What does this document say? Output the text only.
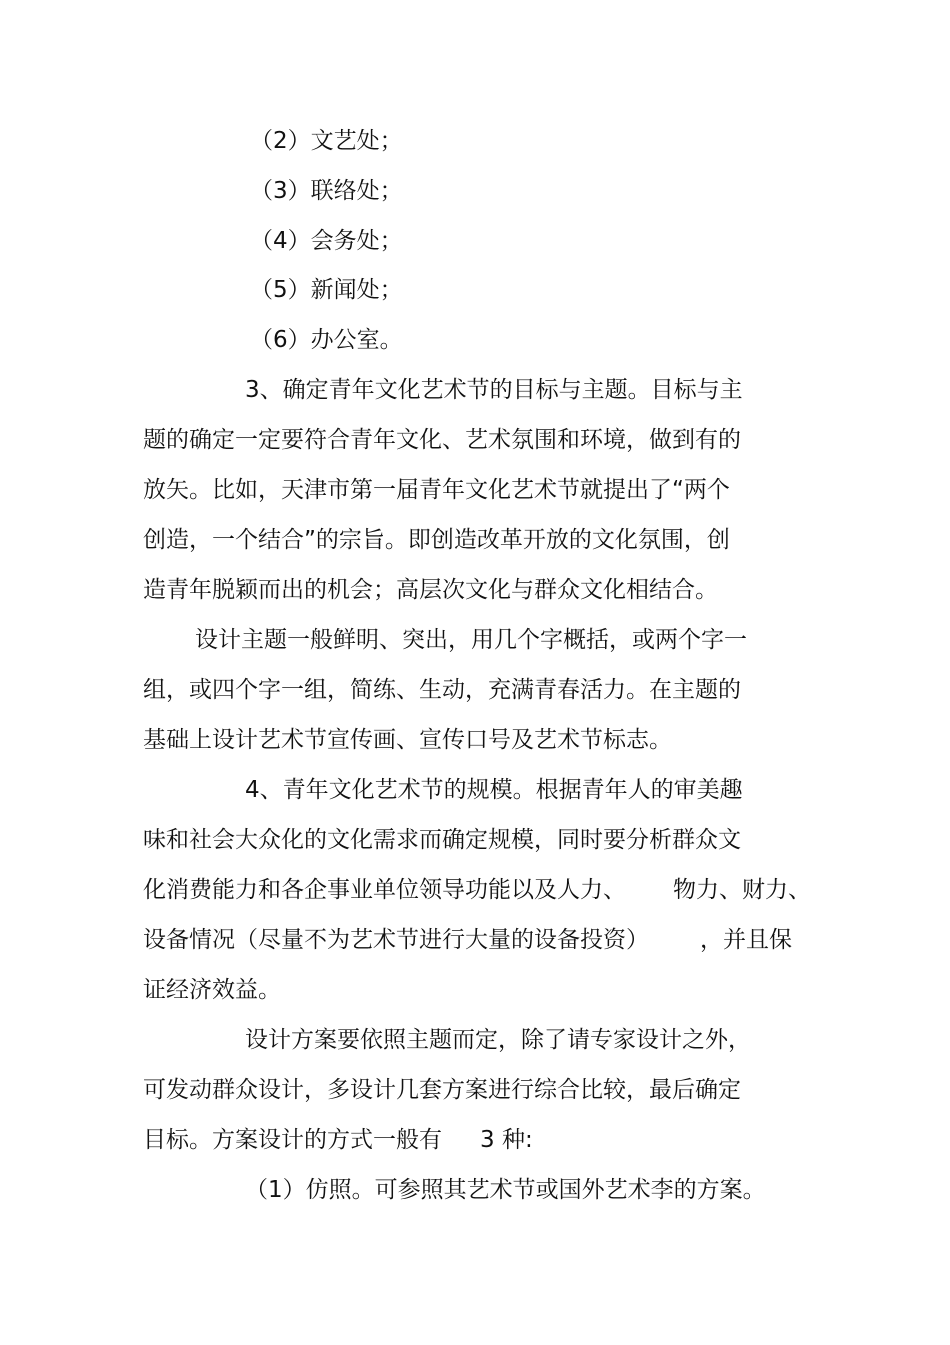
（2）文艺处；
（3）联络处；
（4）会务处；
（5）新闻处；
（6）办公室。
3、确定青年文化艺术节的目标与主题。目标与主
题的确定一定要符合青年文化、艺术氛围和环境，做到有的
放矢。比如，天津市第一届青年文化艺术节就提出了“两个
创造，一个结合”的宗旨。即创造改革开放的文化氛围，创
造青年脱颖而出的机会；高层次文化与群众文化相结合。
设计主题一般鲜明、突出，用几个字概括，或两个字一
组，或四个字一组，简练、生动，充满青春活力。在主题的
基础上设计艺术节宣传画、宣传口号及艺术节标志。
4、青年文化艺术节的规模。根据青年人的审美趣
味和社会大众化的文化需求而确定规模，同时要分析群众文
化消费能力和各企事业单位领导功能以及人力、 物力、财力、
设备情况（尽量不为艺术节进行大量的设备投资） ，并且保
证经济效益。
设计方案要依照主题而定，除了请专家设计之外，
可发动群众设计，多设计几套方案进行综合比较，最后确定
目标。方案设计的方式一般有 3 种:
（1）仿照。可参照其艺术节或国外艺术李的方案。
